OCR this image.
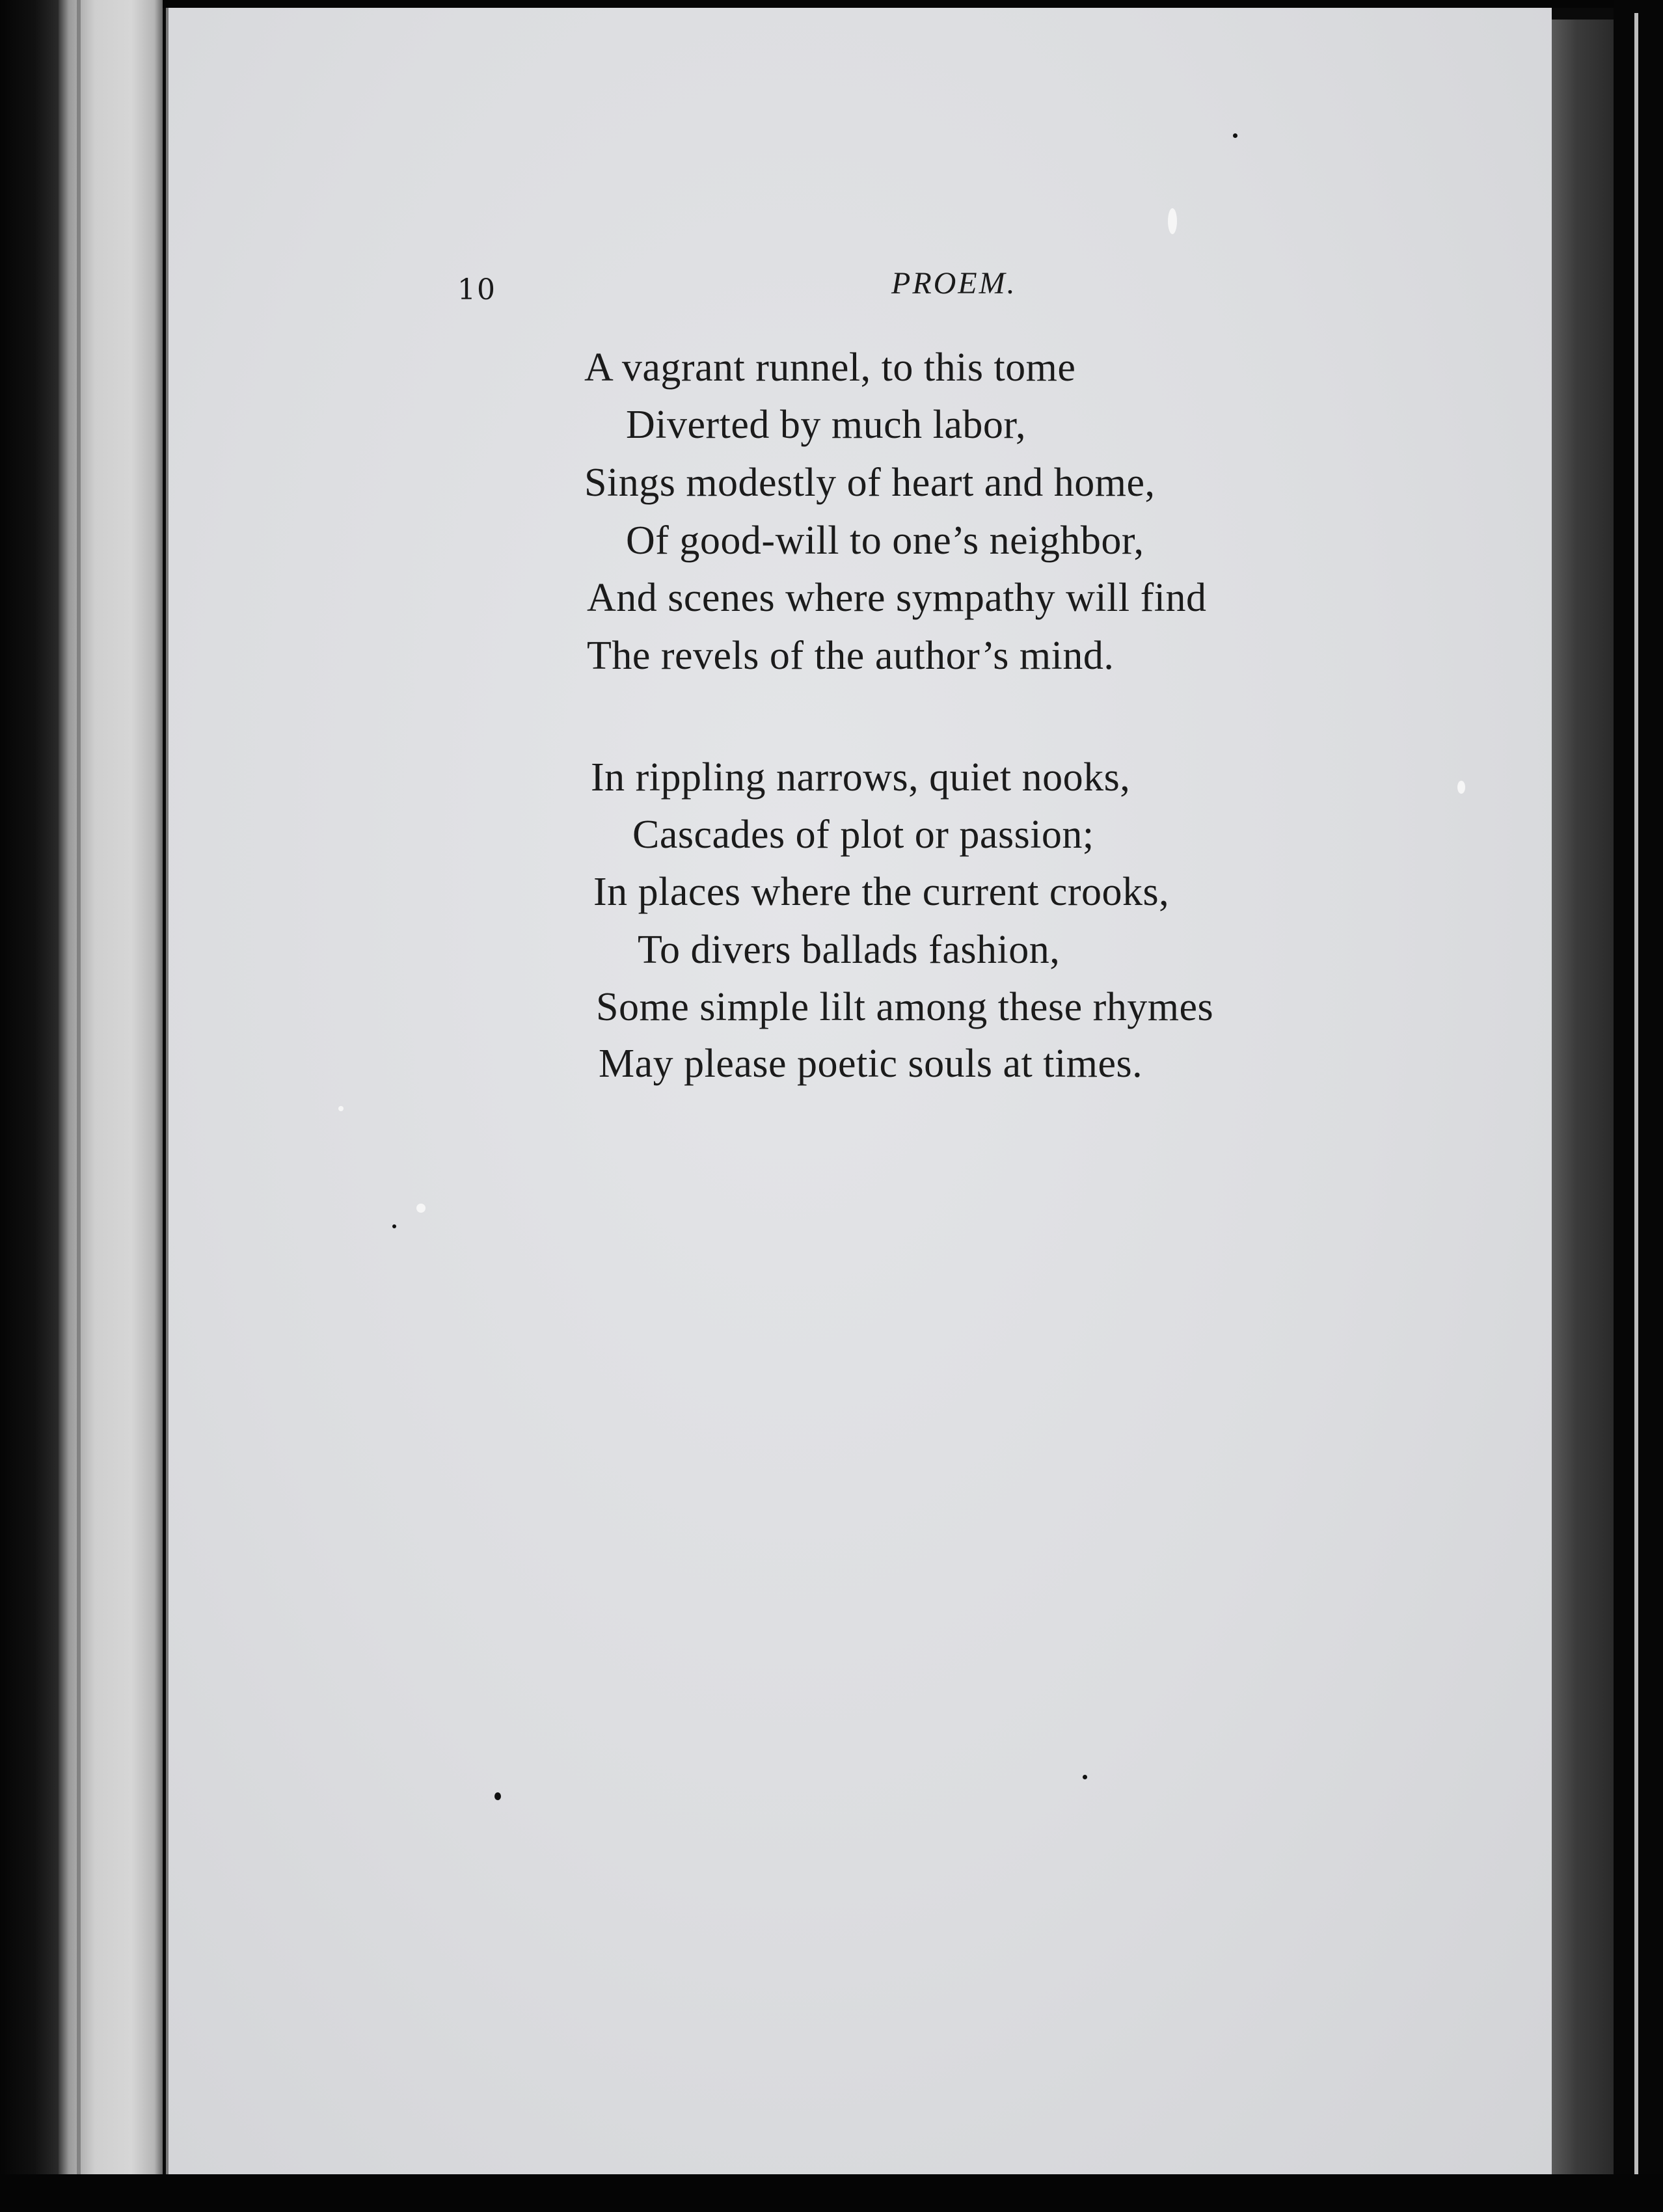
10	PROEM.
A vagrant runnel, to this tome
Diverted by much labor,
Sings modestly of heart and home,
Of good-will to one’s neighbor,
And scenes where sympathy will find
The revels of the author’s mind.
In rippling narrows, quiet nooks,
Cascades of plot or passion;
In places where the current crooks,
To divers ballads fashion,
Some simple lilt among these rhymes
May please poetic souls at times.
